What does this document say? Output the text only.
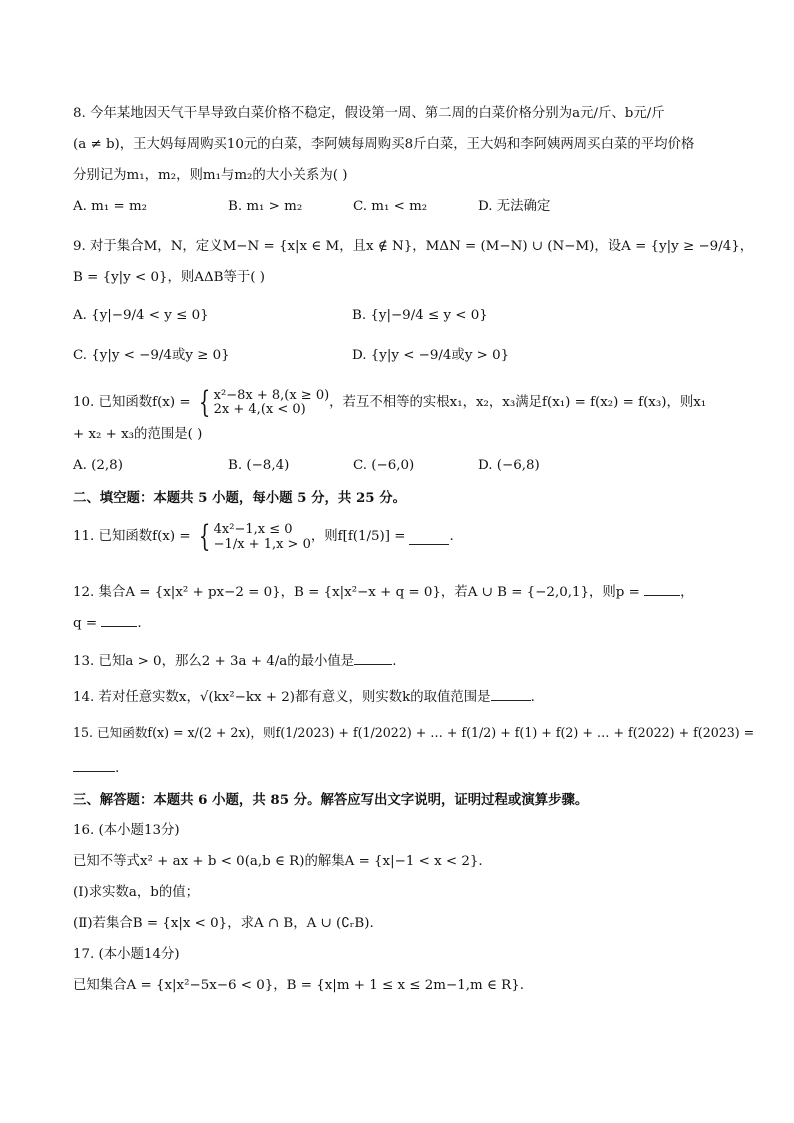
8. 今年某地因天气干旱导致白菜价格不稳定，假设第一周、第二周的白菜价格分别为a元/斤、b元/斤
(a ≠ b)，王大妈每周购买10元的白菜，李阿姨每周购买8斤白菜，王大妈和李阿姨两周买白菜的平均价格
分别记为m₁，m₂，则m₁与m₂的大小关系为( )
A. m₁ = m₂	B. m₁ > m₂	C. m₁ < m₂	D. 无法确定
9. 对于集合M，N，定义M−N = {x|x ∈ M，且x ∉ N}，MΔN = (M−N) ∪ (N−M)，设A = {y|y ≥ −9/4}，
B = {y|y < 0}，则AΔB等于( )
A. {y|−9/4 < y ≤ 0}	B. {y|−9/4 ≤ y < 0}
C. {y|y < −9/4或y ≥ 0}	D. {y|y < −9/4或y > 0}
10. 已知函数f(x) = { x²−8x + 8,(x ≥ 0)
2x + 4,(x < 0)	，若互不相等的实根x₁，x₂，x₃满足f(x₁) = f(x₂) = f(x₃)，则x₁
+ x₂ + x₃的范围是( )
A. (2,8)	B. (−8,4)	C. (−6,0)	D. (−6,8)
二、填空题：本题共 5 小题，每小题 5 分，共 25 分。
11. 已知函数f(x) = { 4x²−1,x ≤ 0
−1/x + 1,x > 0
，则f[f(1/5)] =	.
12. 集合A = {x|x² + px−2 = 0}，B = {x|x²−x + q = 0}，若A ∪ B = {−2,0,1}，则p =	，
q =	.
13. 已知a > 0，那么2 + 3a + 4/a的最小值是	.
14. 若对任意实数x，√(kx²−kx + 2)都有意义，则实数k的取值范围是	.
15. 已知函数f(x) = x/(2 + 2x)，则f(1/2023) + f(1/2022) + … + f(1/2) + f(1) + f(2) + … + f(2022) + f(2023) =
.
三、解答题：本题共 6 小题，共 85 分。解答应写出文字说明，证明过程或演算步骤。
16. (本小题13分)
已知不等式x² + ax + b < 0(a,b ∈ R)的解集A = {x|−1 < x < 2}.
(Ⅰ)求实数a，b的值；
(Ⅱ)若集合B = {x|x < 0}，求A ∩ B，A ∪ (∁ᵣB).
17. (本小题14分)
已知集合A = {x|x²−5x−6 < 0}，B = {x|m + 1 ≤ x ≤ 2m−1,m ∈ R}.
